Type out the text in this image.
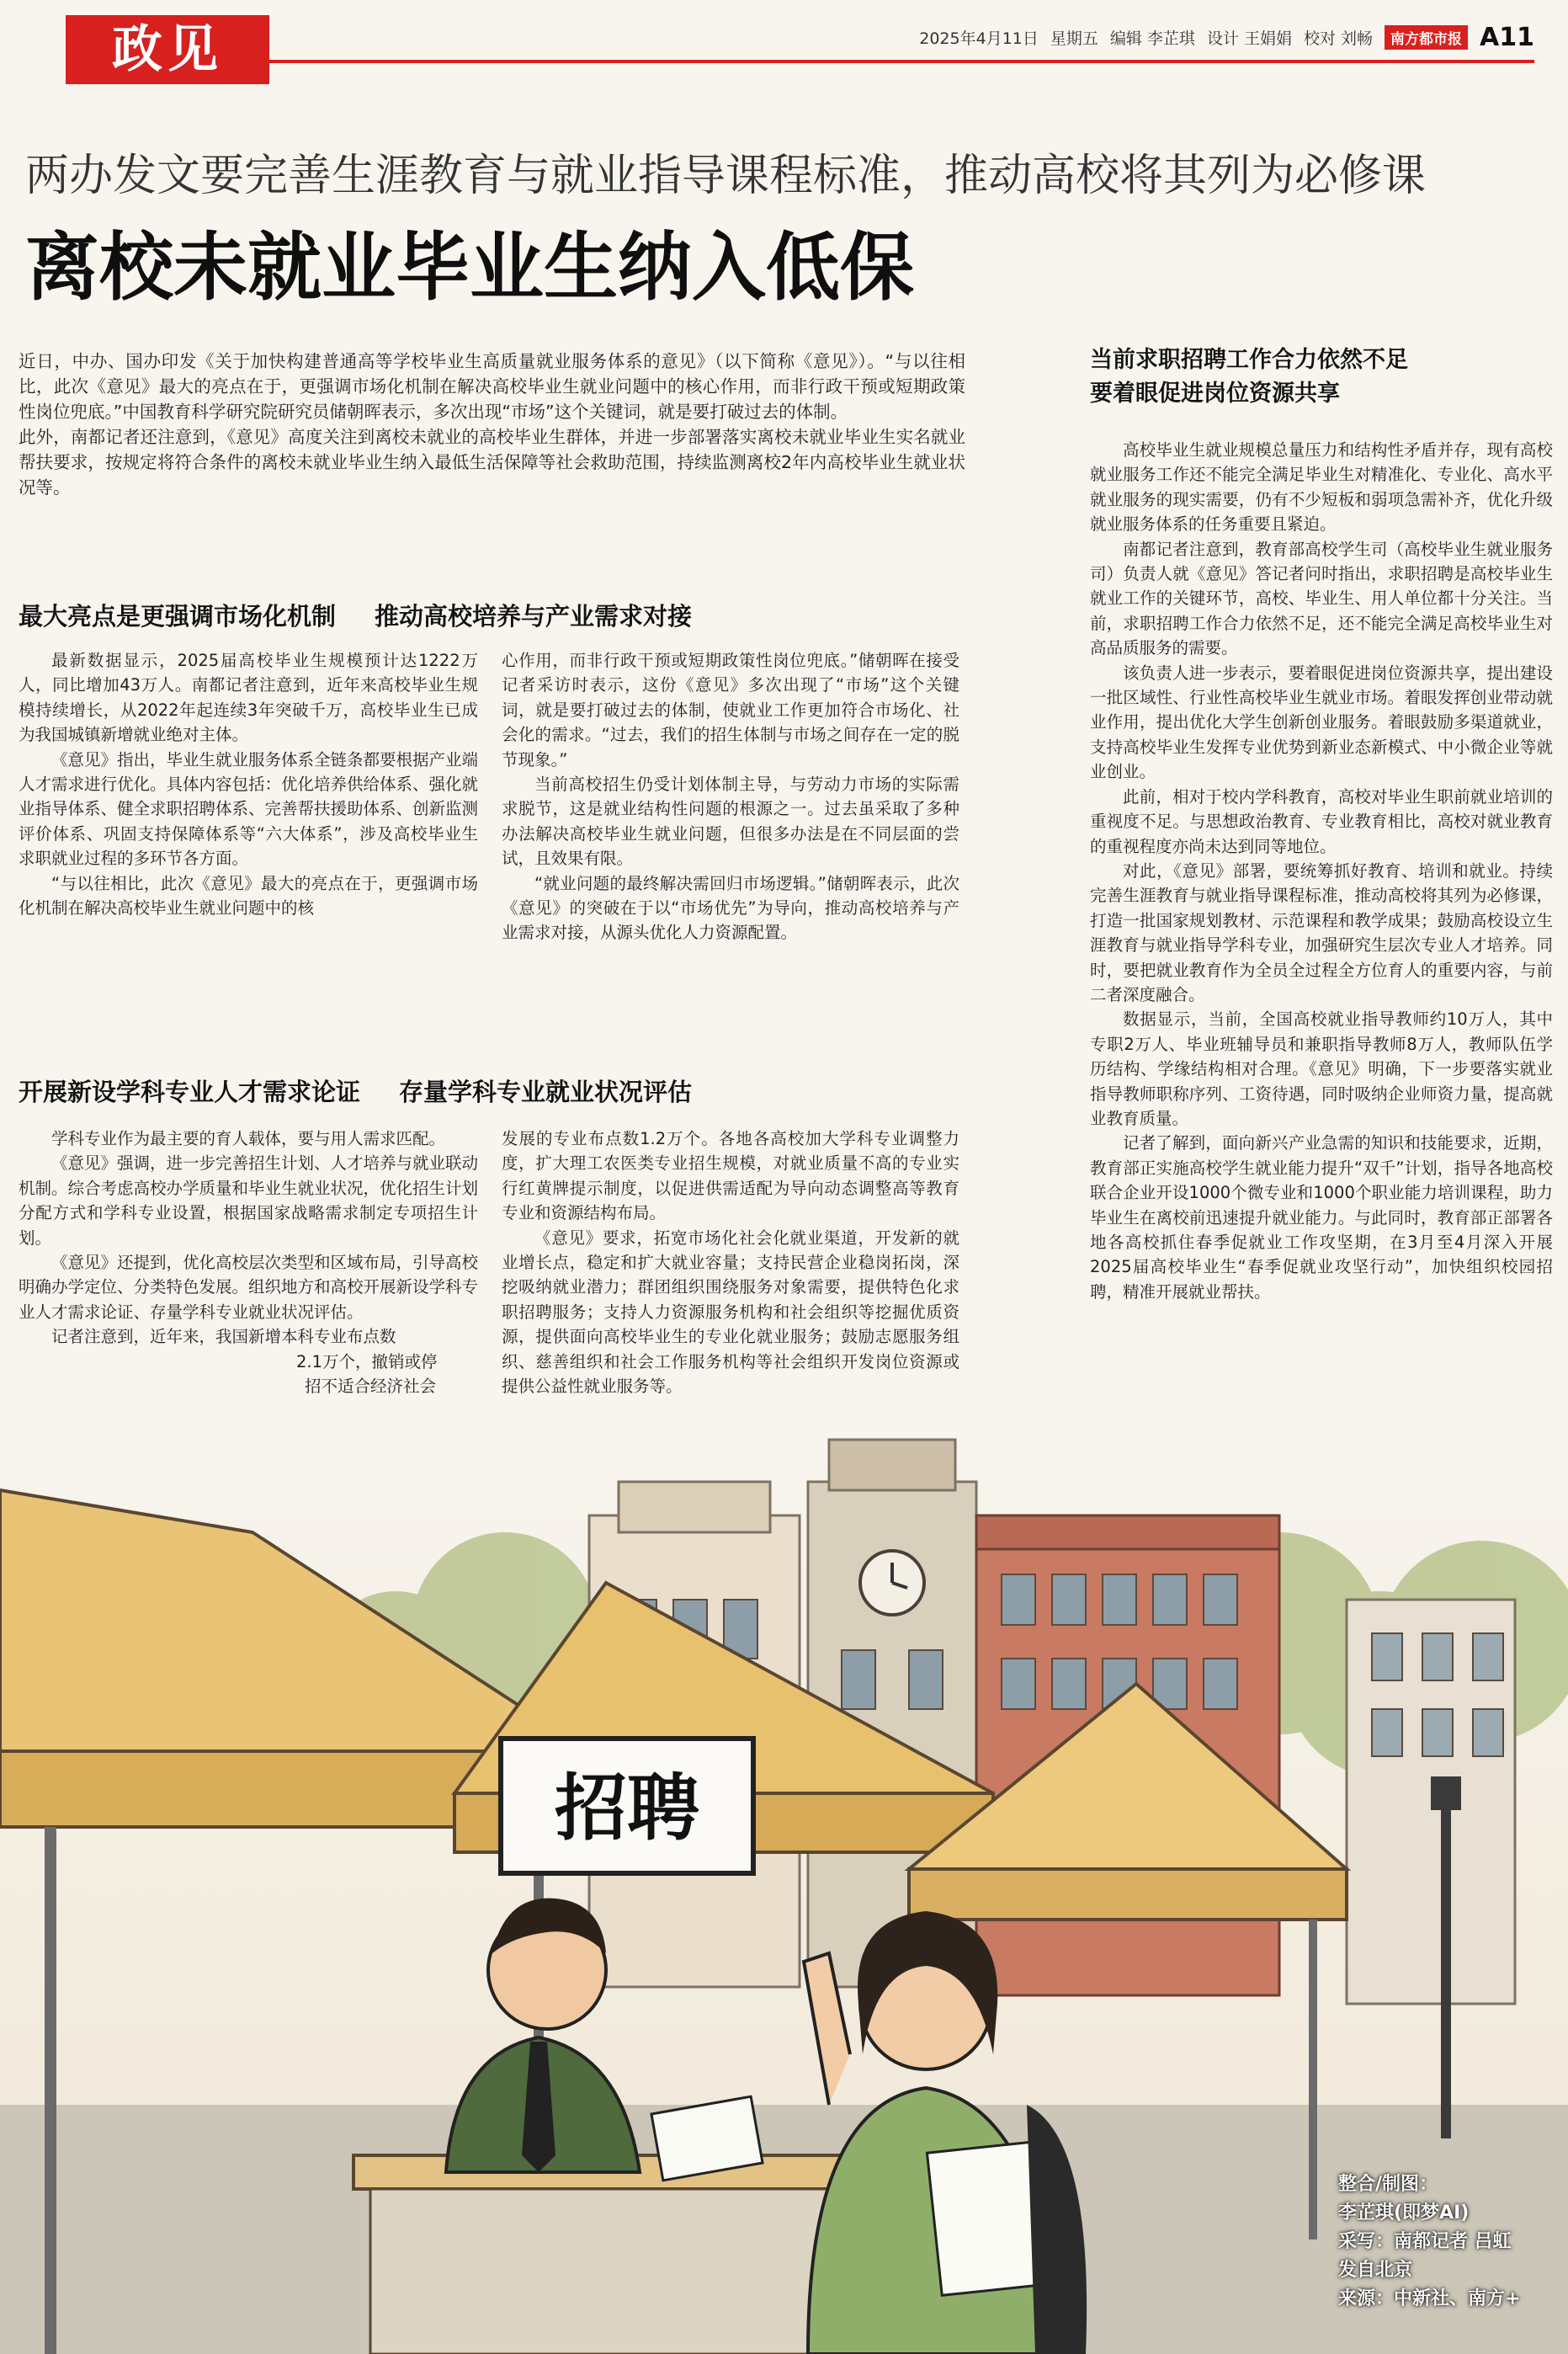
政见	2025年4月11日 星期五 编辑 李芷琪 设计 王娟娟 校对 刘畅	南方都市报 A11
两办发文要完善生涯教育与就业指导课程标准，推动高校将其列为必修课
离校未就业毕业生纳入低保

近日，中办、国办印发《关于加快构建普通高等学校毕业生高质量就业服务体系的意见》（以下简称《意见》）。“与以往相比，此次《意见》最大的亮点在于，更强调市场化机制在解决高校毕业生就业问题中的核心作用，而非行政干预或短期政策性岗位兜底。”中国教育科学研究院研究员储朝晖表示，多次出现“市场”这个关键词，就是要打破过去的体制。

此外，南都记者还注意到，《意见》高度关注到离校未就业的高校毕业生群体，并进一步部署落实离校未就业毕业生实名就业帮扶要求，按规定将符合条件的离校未就业毕业生纳入最低生活保障等社会救助范围，持续监测离校2年内高校毕业生就业状况等。

最大亮点是更强调市场化机制 推动高校培养与产业需求对接

最新数据显示，2025届高校毕业生规模预计达1222万人，同比增加43万人。南都记者注意到，近年来高校毕业生规模持续增长，从2022年起连续3年突破千万，高校毕业生已成为我国城镇新增就业绝对主体。

《意见》指出，毕业生就业服务体系全链条都要根据产业端人才需求进行优化。具体内容包括：优化培养供给体系、强化就业指导体系、健全求职招聘体系、完善帮扶援助体系、创新监测评价体系、巩固支持保障体系等“六大体系”，涉及高校毕业生求职就业过程的多环节各方面。

“与以往相比，此次《意见》最大的亮点在于，更强调市场化机制在解决高校毕业生就业问题中的核

心作用，而非行政干预或短期政策性岗位兜底。”储朝晖在接受记者采访时表示，这份《意见》多次出现了“市场”这个关键词，就是要打破过去的体制，使就业工作更加符合市场化、社会化的需求。“过去，我们的招生体制与市场之间存在一定的脱节现象。”

当前高校招生仍受计划体制主导，与劳动力市场的实际需求脱节，这是就业结构性问题的根源之一。过去虽采取了多种办法解决高校毕业生就业问题，但很多办法是在不同层面的尝试，且效果有限。

“就业问题的最终解决需回归市场逻辑。”储朝晖表示，此次《意见》的突破在于以“市场优先”为导向，推动高校培养与产业需求对接，从源头优化人力资源配置。

开展新设学科专业人才需求论证 存量学科专业就业状况评估

学科专业作为最主要的育人载体，要与用人需求匹配。

《意见》强调，进一步完善招生计划、人才培养与就业联动机制。综合考虑高校办学质量和毕业生就业状况，优化招生计划分配方式和学科专业设置，根据国家战略需求制定专项招生计划。

《意见》还提到，优化高校层次类型和区域布局，引导高校明确办学定位、分类特色发展。组织地方和高校开展新设学科专业人才需求论证、存量学科专业就业状况评估。

记者注意到，近年来，我国新增本科专业布点数

2.1万个，撤销或停

招不适合经济社会

发展的专业布点数1.2万个。各地各高校加大学科专业调整力度，扩大理工农医类专业招生规模，对就业质量不高的专业实行红黄牌提示制度，以促进供需适配为导向动态调整高等教育专业和资源结构布局。

《意见》要求，拓宽市场化社会化就业渠道，开发新的就业增长点，稳定和扩大就业容量；支持民营企业稳岗拓岗，深挖吸纳就业潜力；群团组织围绕服务对象需要，提供特色化求职招聘服务；支持人力资源服务机构和社会组织等挖掘优质资源，提供面向高校毕业生的专业化就业服务；鼓励志愿服务组织、慈善组织和社会工作服务机构等社会组织开发岗位资源或提供公益性就业服务等。

当前求职招聘工作合力依然不足
要着眼促进岗位资源共享

高校毕业生就业规模总量压力和结构性矛盾并存，现有高校就业服务工作还不能完全满足毕业生对精准化、专业化、高水平就业服务的现实需要，仍有不少短板和弱项急需补齐，优化升级就业服务体系的任务重要且紧迫。

南都记者注意到，教育部高校学生司（高校毕业生就业服务司）负责人就《意见》答记者问时指出，求职招聘是高校毕业生就业工作的关键环节，高校、毕业生、用人单位都十分关注。当前，求职招聘工作合力依然不足，还不能完全满足高校毕业生对高品质服务的需要。

该负责人进一步表示，要着眼促进岗位资源共享，提出建设一批区域性、行业性高校毕业生就业市场。着眼发挥创业带动就业作用，提出优化大学生创新创业服务。着眼鼓励多渠道就业，支持高校毕业生发挥专业优势到新业态新模式、中小微企业等就业创业。

此前，相对于校内学科教育，高校对毕业生职前就业培训的重视度不足。与思想政治教育、专业教育相比，高校对就业教育的重视程度亦尚未达到同等地位。

对此，《意见》部署，要统筹抓好教育、培训和就业。持续完善生涯教育与就业指导课程标准，推动高校将其列为必修课，打造一批国家规划教材、示范课程和教学成果；鼓励高校设立生涯教育与就业指导学科专业，加强研究生层次专业人才培养。同时，要把就业教育作为全员全过程全方位育人的重要内容，与前二者深度融合。

数据显示，当前，全国高校就业指导教师约10万人，其中专职2万人、毕业班辅导员和兼职指导教师8万人，教师队伍学历结构、学缘结构相对合理。《意见》明确，下一步要落实就业指导教师职称序列、工资待遇，同时吸纳企业师资力量，提高就业教育质量。

记者了解到，面向新兴产业急需的知识和技能要求，近期，教育部正实施高校学生就业能力提升“双千”计划，指导各地高校联合企业开设1000个微专业和1000个职业能力培训课程，助力毕业生在离校前迅速提升就业能力。与此同时，教育部正部署各地各高校抓住春季促就业工作攻坚期，在3月至4月深入开展2025届高校毕业生“春季促就业攻坚行动”，加快组织校园招聘，精准开展就业帮扶。

招聘
整合/制图：
李芷琪(即梦AI)
采写：南都记者 吕虹
发自北京
来源：中新社、南方+
